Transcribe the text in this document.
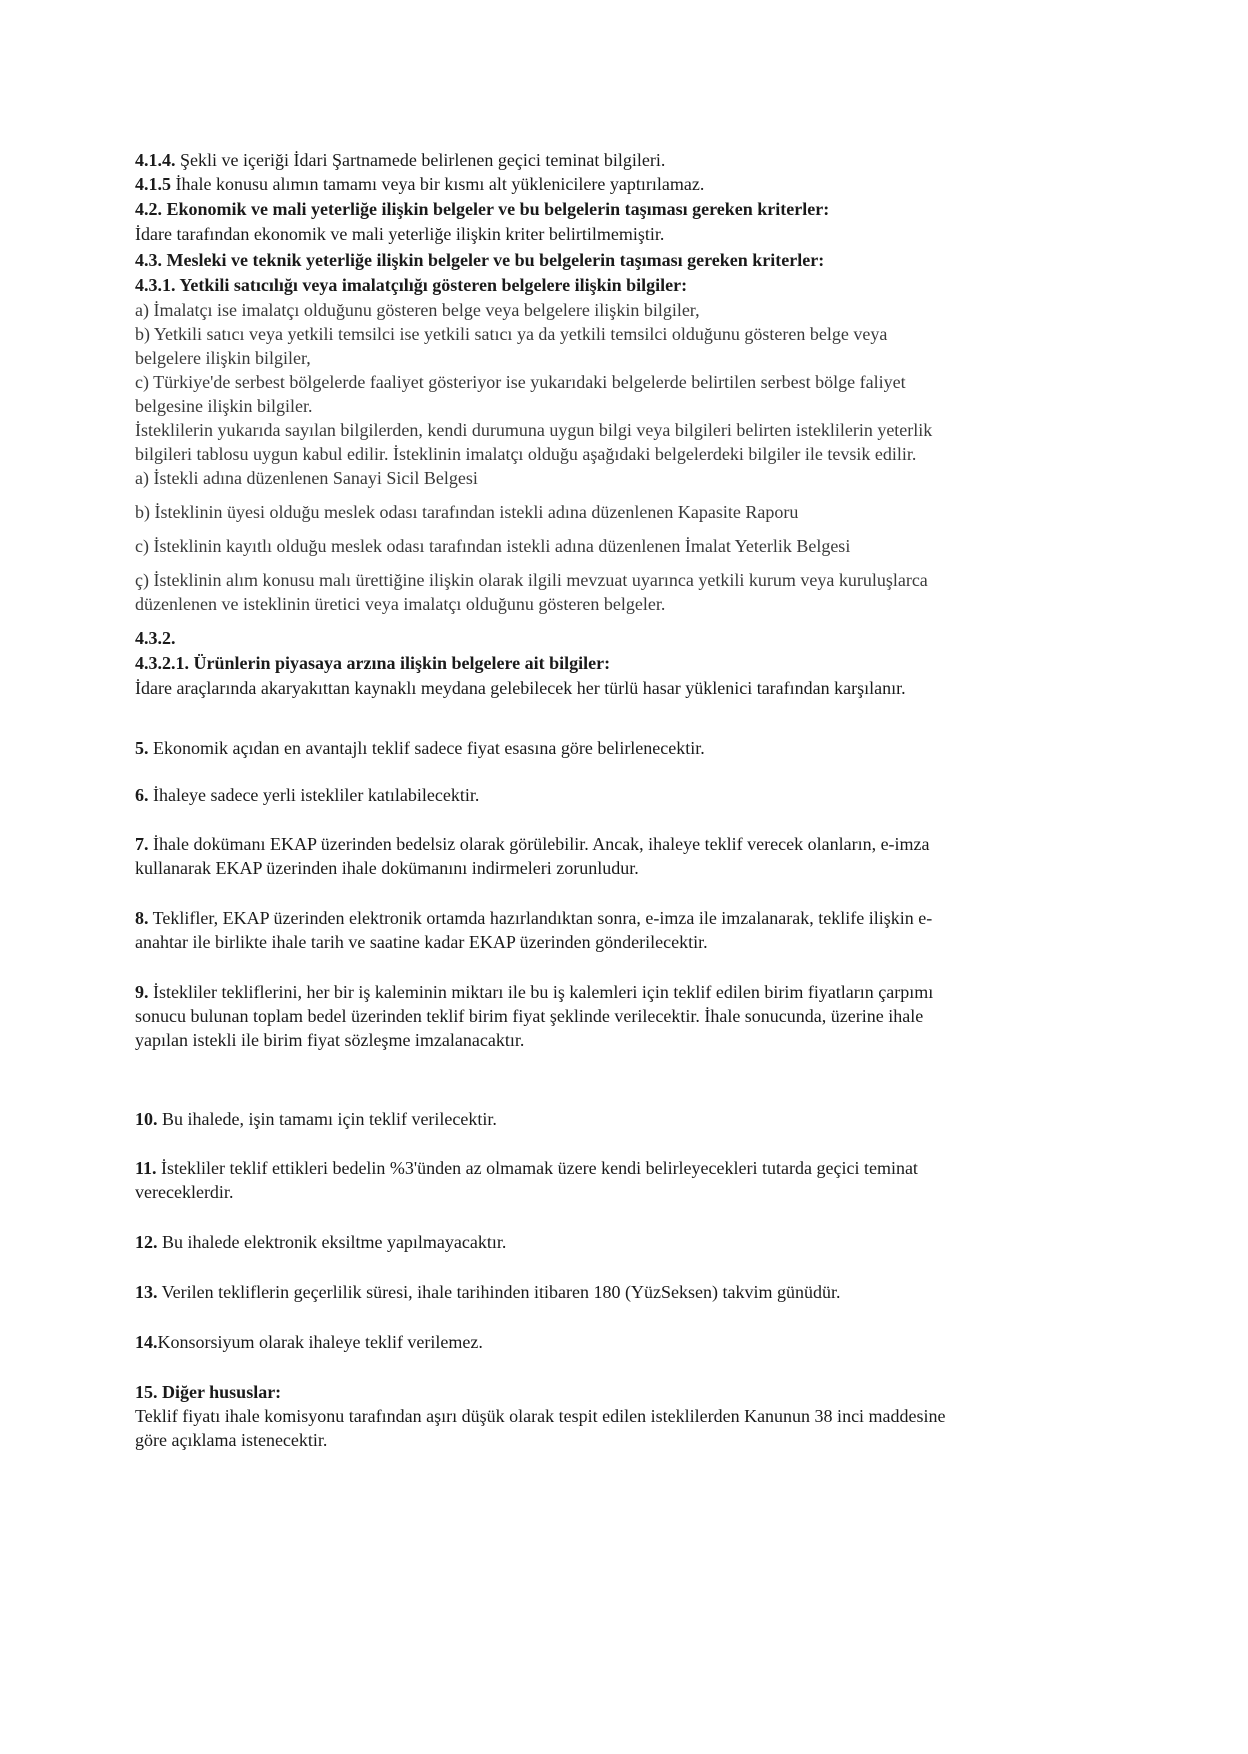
4.1.4. Şekli ve içeriği İdari Şartnamede belirlenen geçici teminat bilgileri.
4.1.5 İhale konusu alımın tamamı veya bir kısmı alt yüklenicilere yaptırılamaz.
4.2. Ekonomik ve mali yeterliğe ilişkin belgeler ve bu belgelerin taşıması gereken kriterler:
İdare tarafından ekonomik ve mali yeterliğe ilişkin kriter belirtilmemiştir.
4.3. Mesleki ve teknik yeterliğe ilişkin belgeler ve bu belgelerin taşıması gereken kriterler:
4.3.1. Yetkili satıcılığı veya imalatçılığı gösteren belgelere ilişkin bilgiler:
a) İmalatçı ise imalatçı olduğunu gösteren belge veya belgelere ilişkin bilgiler,
b) Yetkili satıcı veya yetkili temsilci ise yetkili satıcı ya da yetkili temsilci olduğunu gösteren belge veya
belgelere ilişkin bilgiler,
c) Türkiye'de serbest bölgelerde faaliyet gösteriyor ise yukarıdaki belgelerde belirtilen serbest bölge faliyet
belgesine ilişkin bilgiler.
İsteklilerin yukarıda sayılan bilgilerden, kendi durumuna uygun bilgi veya bilgileri belirten isteklilerin yeterlik
bilgileri tablosu uygun kabul edilir. İsteklinin imalatçı olduğu aşağıdaki belgelerdeki bilgiler ile tevsik edilir.
a) İstekli adına düzenlenen Sanayi Sicil Belgesi
b) İsteklinin üyesi olduğu meslek odası tarafından istekli adına düzenlenen Kapasite Raporu
c) İsteklinin kayıtlı olduğu meslek odası tarafından istekli adına düzenlenen İmalat Yeterlik Belgesi
ç) İsteklinin alım konusu malı ürettiğine ilişkin olarak ilgili mevzuat uyarınca yetkili kurum veya kuruluşlarca
düzenlenen ve isteklinin üretici veya imalatçı olduğunu gösteren belgeler.
4.3.2.
4.3.2.1. Ürünlerin piyasaya arzına ilişkin belgelere ait bilgiler:
İdare araçlarında akaryakıttan kaynaklı meydana gelebilecek her türlü hasar yüklenici tarafından karşılanır.
5. Ekonomik açıdan en avantajlı teklif sadece fiyat esasına göre belirlenecektir.
6. İhaleye sadece yerli istekliler katılabilecektir.
7. İhale dokümanı EKAP üzerinden bedelsiz olarak görülebilir. Ancak, ihaleye teklif verecek olanların, e-imza
kullanarak EKAP üzerinden ihale dokümanını indirmeleri zorunludur.
8. Teklifler, EKAP üzerinden elektronik ortamda hazırlandıktan sonra, e-imza ile imzalanarak, teklife ilişkin e-
anahtar ile birlikte ihale tarih ve saatine kadar EKAP üzerinden gönderilecektir.
9. İstekliler tekliflerini, her bir iş kaleminin miktarı ile bu iş kalemleri için teklif edilen birim fiyatların çarpımı
sonucu bulunan toplam bedel üzerinden teklif birim fiyat şeklinde verilecektir. İhale sonucunda, üzerine ihale
yapılan istekli ile birim fiyat sözleşme imzalanacaktır.
10. Bu ihalede, işin tamamı için teklif verilecektir.
11. İstekliler teklif ettikleri bedelin %3'ünden az olmamak üzere kendi belirleyecekleri tutarda geçici teminat
vereceklerdir.
12. Bu ihalede elektronik eksiltme yapılmayacaktır.
13. Verilen tekliflerin geçerlilik süresi, ihale tarihinden itibaren 180 (YüzSeksen) takvim günüdür.
14.Konsorsiyum olarak ihaleye teklif verilemez.
15. Diğer hususlar:
Teklif fiyatı ihale komisyonu tarafından aşırı düşük olarak tespit edilen isteklilerden Kanunun 38 inci maddesine
göre açıklama istenecektir.
